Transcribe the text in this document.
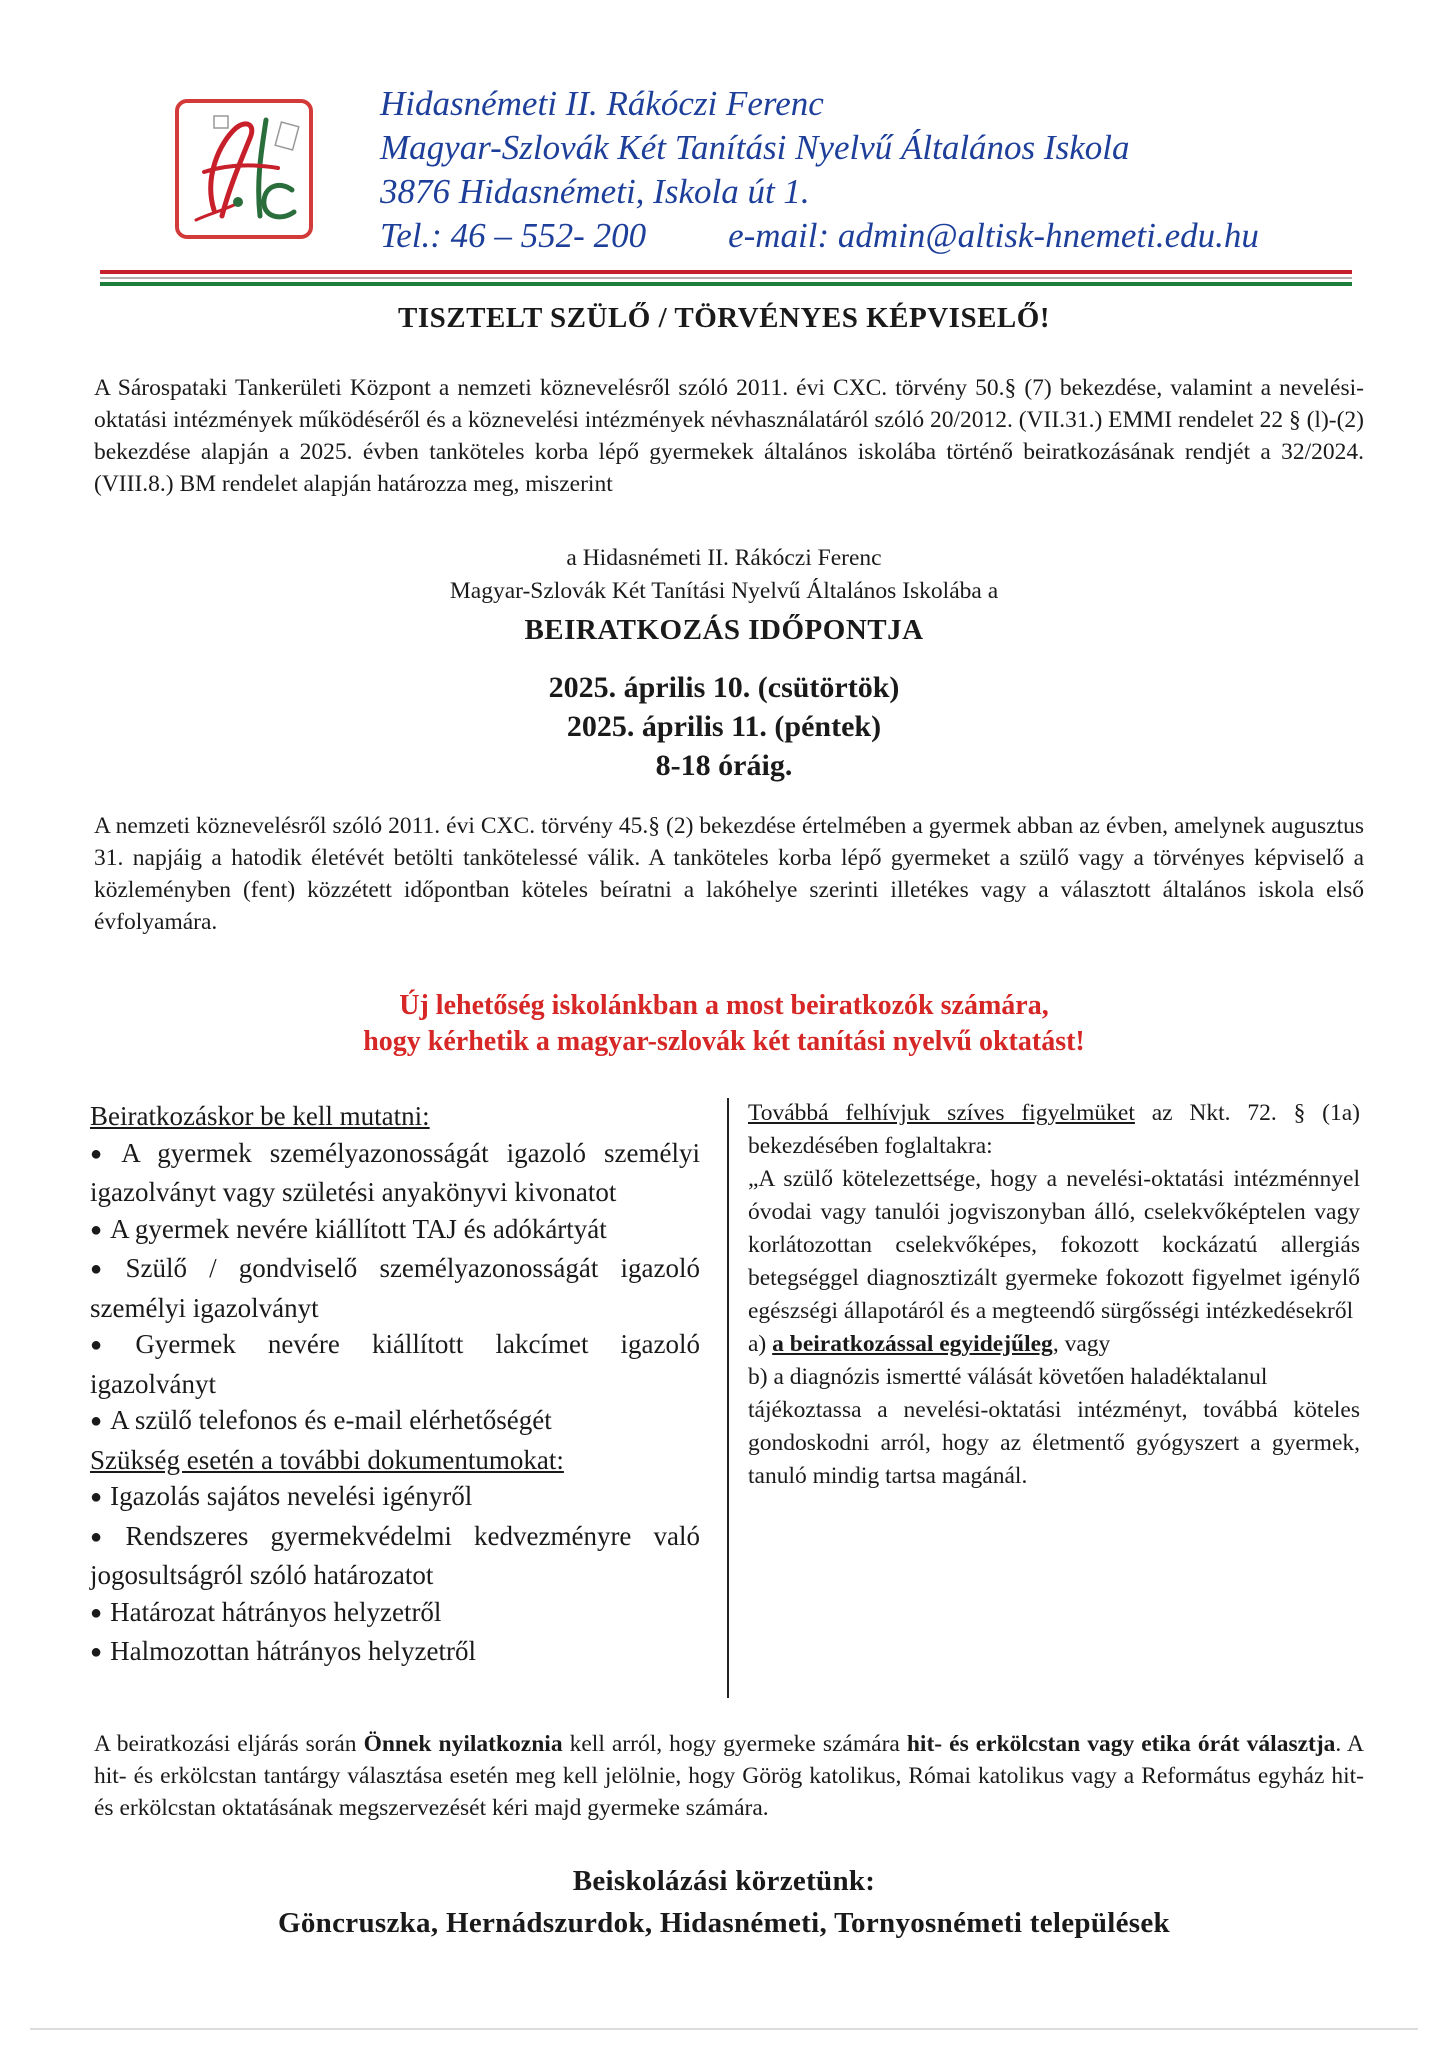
Hidasnémeti II. Rákóczi Ferenc
Magyar-Szlovák Két Tanítási Nyelvű Általános Iskola
3876 Hidasnémeti, Iskola út 1.
Tel.: 46 – 552- 200 e-mail: admin@altisk-hnemeti.edu.hu
TISZTELT SZÜLŐ / TÖRVÉNYES KÉPVISELŐ!
A Sárospataki Tankerületi Központ a nemzeti köznevelésről szóló 2011. évi CXC. törvény 50.§ (7) bekezdése, valamint a nevelési-oktatási intézmények működéséről és a köznevelési intézmények névhasználatáról szóló 20/2012. (VII.31.) EMMI rendelet 22 § (l)-(2) bekezdése alapján a 2025. évben tanköteles korba lépő gyermekek általános iskolába történő beiratkozásának rendjét a 32/2024. (VIII.8.) BM rendelet alapján határozza meg, miszerint
a Hidasnémeti II. Rákóczi Ferenc
Magyar-Szlovák Két Tanítási Nyelvű Általános Iskolába a
BEIRATKOZÁS IDŐPONTJA
2025. április 10. (csütörtök)
2025. április 11. (péntek)
8-18 óráig.
A nemzeti köznevelésről szóló 2011. évi CXC. törvény 45.§ (2) bekezdése értelmében a gyermek abban az évben, amelynek augusztus 31. napjáig a hatodik életévét betölti tankötelessé válik. A tanköteles korba lépő gyermeket a szülő vagy a törvényes képviselő a közleményben (fent) közzétett időpontban köteles beíratni a lakóhelye szerinti illetékes vagy a választott általános iskola első évfolyamára.
Új lehetőség iskolánkban a most beiratkozók számára,
hogy kérhetik a magyar-szlovák két tanítási nyelvű oktatást!
Beiratkozáskor be kell mutatni:
● A gyermek személyazonosságát igazoló személyi igazolványt vagy születési anyakönyvi kivonatot
● A gyermek nevére kiállított TAJ és adókártyát
● Szülő / gondviselő személyazonosságát igazoló személyi igazolványt
● Gyermek nevére kiállított lakcímet igazoló igazolványt
● A szülő telefonos és e-mail elérhetőségét
Szükség esetén a további dokumentumokat:
● Igazolás sajátos nevelési igényről
● Rendszeres gyermekvédelmi kedvezményre való jogosultságról szóló határozatot
● Határozat hátrányos helyzetről
● Halmozottan hátrányos helyzetről
Továbbá felhívjuk szíves figyelmüket az Nkt. 72. § (1a) bekezdésében foglaltakra:
„A szülő kötelezettsége, hogy a nevelési-oktatási intézménnyel óvodai vagy tanulói jogviszonyban álló, cselekvőképtelen vagy korlátozottan cselekvőképes, fokozott kockázatú allergiás betegséggel diagnosztizált gyermeke fokozott figyelmet igénylő egészségi állapotáról és a megteendő sürgősségi intézkedésekről
a) a beiratkozással egyidejűleg, vagy
b) a diagnózis ismertté válását követően haladéktalanul
tájékoztassa a nevelési-oktatási intézményt, továbbá köteles gondoskodni arról, hogy az életmentő gyógyszert a gyermek, tanuló mindig tartsa magánál.
A beiratkozási eljárás során Önnek nyilatkoznia kell arról, hogy gyermeke számára hit- és erkölcstan vagy etika órát választja. A hit- és erkölcstan tantárgy választása esetén meg kell jelölnie, hogy Görög katolikus, Római katolikus vagy a Református egyház hit- és erkölcstan oktatásának megszervezését kéri majd gyermeke számára.
Beiskolázási körzetünk:
Göncruszka, Hernádszurdok, Hidasnémeti, Tornyosnémeti települések
